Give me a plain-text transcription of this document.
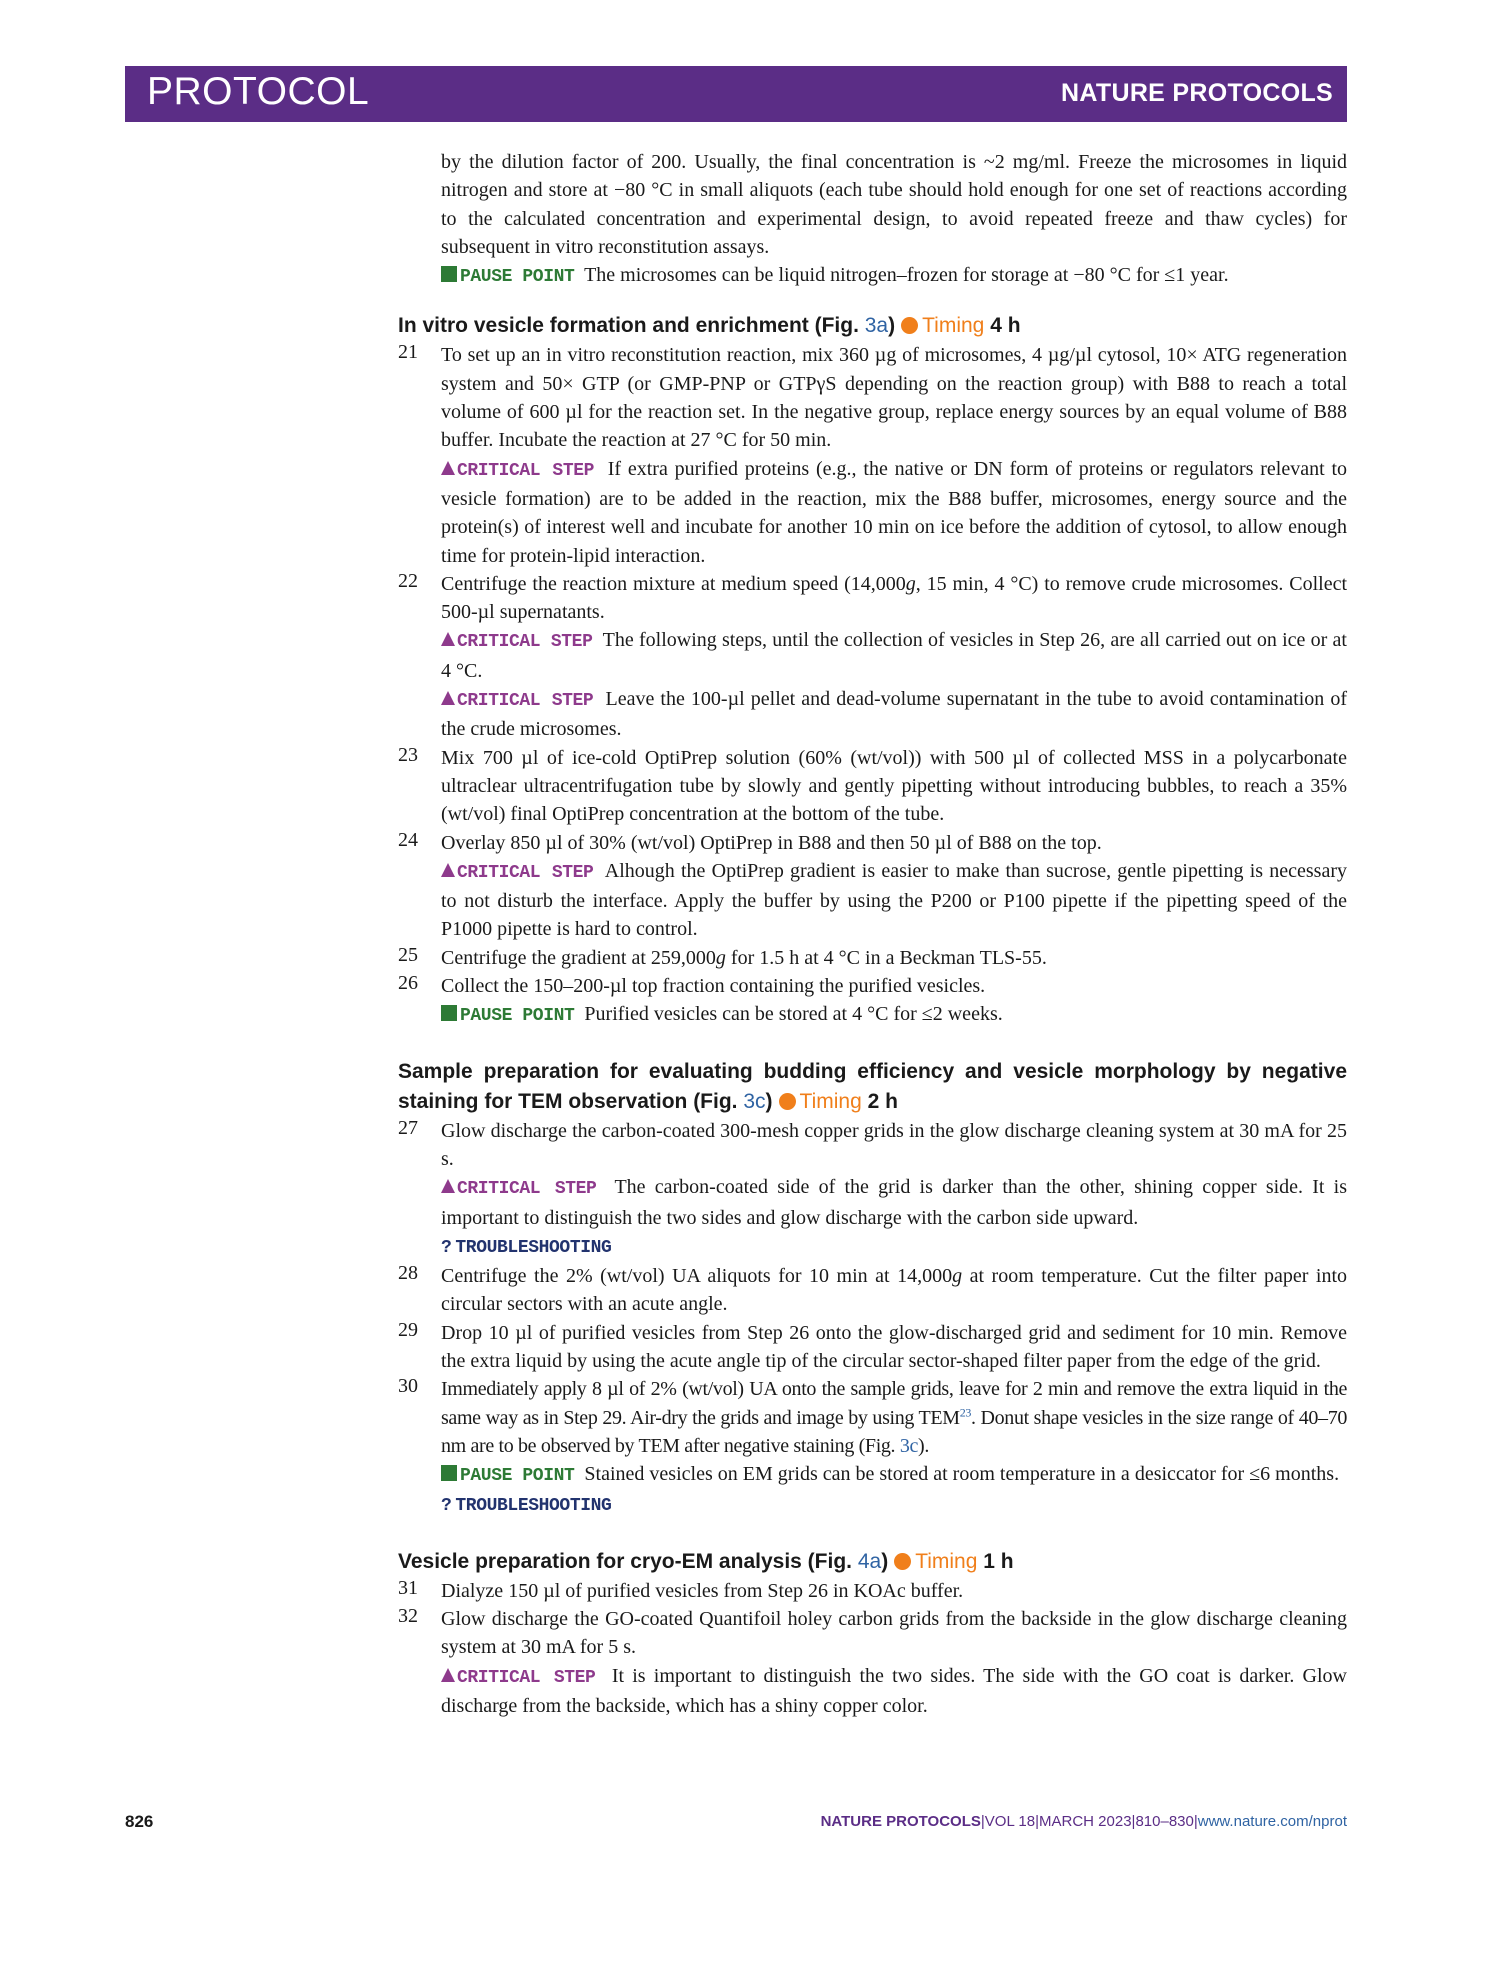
PROTOCOL	NATURE PROTOCOLS

by the dilution factor of 200. Usually, the final concentration is ~2 mg/ml. Freeze the microsomes in liquid nitrogen and store at −80 °C in small aliquots (each tube should hold enough for one set of reactions according to the calculated concentration and experimental design, to avoid repeated freeze and thaw cycles) for subsequent in vitro reconstitution assays.

PAUSE POINT The microsomes can be liquid nitrogen–frozen for storage at −80 °C for ≤1 year.

In vitro vesicle formation and enrichment (Fig. 3a) Timing 4 h
21	To set up an in vitro reconstitution reaction, mix 360 µg of microsomes, 4 µg/µl cytosol, 10× ATG regeneration system and 50× GTP (or GMP-PNP or GTPγS depending on the reaction group) with B88 to reach a total volume of 600 µl for the reaction set. In the negative group, replace energy sources by an equal volume of B88 buffer. Incubate the reaction at 27 °C for 50 min.

CRITICAL STEP If extra purified proteins (e.g., the native or DN form of proteins or regulators relevant to vesicle formation) are to be added in the reaction, mix the B88 buffer, microsomes, energy source and the protein(s) of interest well and incubate for another 10 min on ice before the addition of cytosol, to allow enough time for protein-lipid interaction.

22	Centrifuge the reaction mixture at medium speed (14,000g, 15 min, 4 °C) to remove crude microsomes. Collect 500-µl supernatants.

CRITICAL STEP The following steps, until the collection of vesicles in Step 26, are all carried out on ice or at 4 °C.

CRITICAL STEP Leave the 100-µl pellet and dead-volume supernatant in the tube to avoid contamination of the crude microsomes.

23	Mix 700 µl of ice-cold OptiPrep solution (60% (wt/vol)) with 500 µl of collected MSS in a polycarbonate ultraclear ultracentrifugation tube by slowly and gently pipetting without introducing bubbles, to reach a 35% (wt/vol) final OptiPrep concentration at the bottom of the tube.

24	Overlay 850 µl of 30% (wt/vol) OptiPrep in B88 and then 50 µl of B88 on the top.

CRITICAL STEP Alhough the OptiPrep gradient is easier to make than sucrose, gentle pipetting is necessary to not disturb the interface. Apply the buffer by using the P200 or P100 pipette if the pipetting speed of the P1000 pipette is hard to control.

25	Centrifuge the gradient at 259,000g for 1.5 h at 4 °C in a Beckman TLS-55.

26	Collect the 150–200-µl top fraction containing the purified vesicles.

PAUSE POINT Purified vesicles can be stored at 4 °C for ≤2 weeks.

Sample preparation for evaluating budding efficiency and vesicle morphology by negative staining for TEM observation (Fig. 3c) Timing 2 h
27	Glow discharge the carbon-coated 300-mesh copper grids in the glow discharge cleaning system at 30 mA for 25 s.

CRITICAL STEP The carbon-coated side of the grid is darker than the other, shining copper side. It is important to distinguish the two sides and glow discharge with the carbon side upward.

? TROUBLESHOOTING

28	Centrifuge the 2% (wt/vol) UA aliquots for 10 min at 14,000g at room temperature. Cut the filter paper into circular sectors with an acute angle.

29	Drop 10 µl of purified vesicles from Step 26 onto the glow-discharged grid and sediment for 10 min. Remove the extra liquid by using the acute angle tip of the circular sector-shaped filter paper from the edge of the grid.

30	Immediately apply 8 µl of 2% (wt/vol) UA onto the sample grids, leave for 2 min and remove the extra liquid in the same way as in Step 29. Air-dry the grids and image by using TEM$^{23}$. Donut shape vesicles in the size range of 40–70 nm are to be observed by TEM after negative staining (Fig. 3c).

PAUSE POINT Stained vesicles on EM grids can be stored at room temperature in a desiccator for ≤6 months.

? TROUBLESHOOTING

Vesicle preparation for cryo-EM analysis (Fig. 4a) Timing 1 h
31	Dialyze 150 µl of purified vesicles from Step 26 in KOAc buffer.

32	Glow discharge the GO-coated Quantifoil holey carbon grids from the backside in the glow discharge cleaning system at 30 mA for 5 s.

CRITICAL STEP It is important to distinguish the two sides. The side with the GO coat is darker. Glow discharge from the backside, which has a shiny copper color.

826	NATURE PROTOCOLS|VOL 18|MARCH 2023|810–830|www.nature.com/nprot
